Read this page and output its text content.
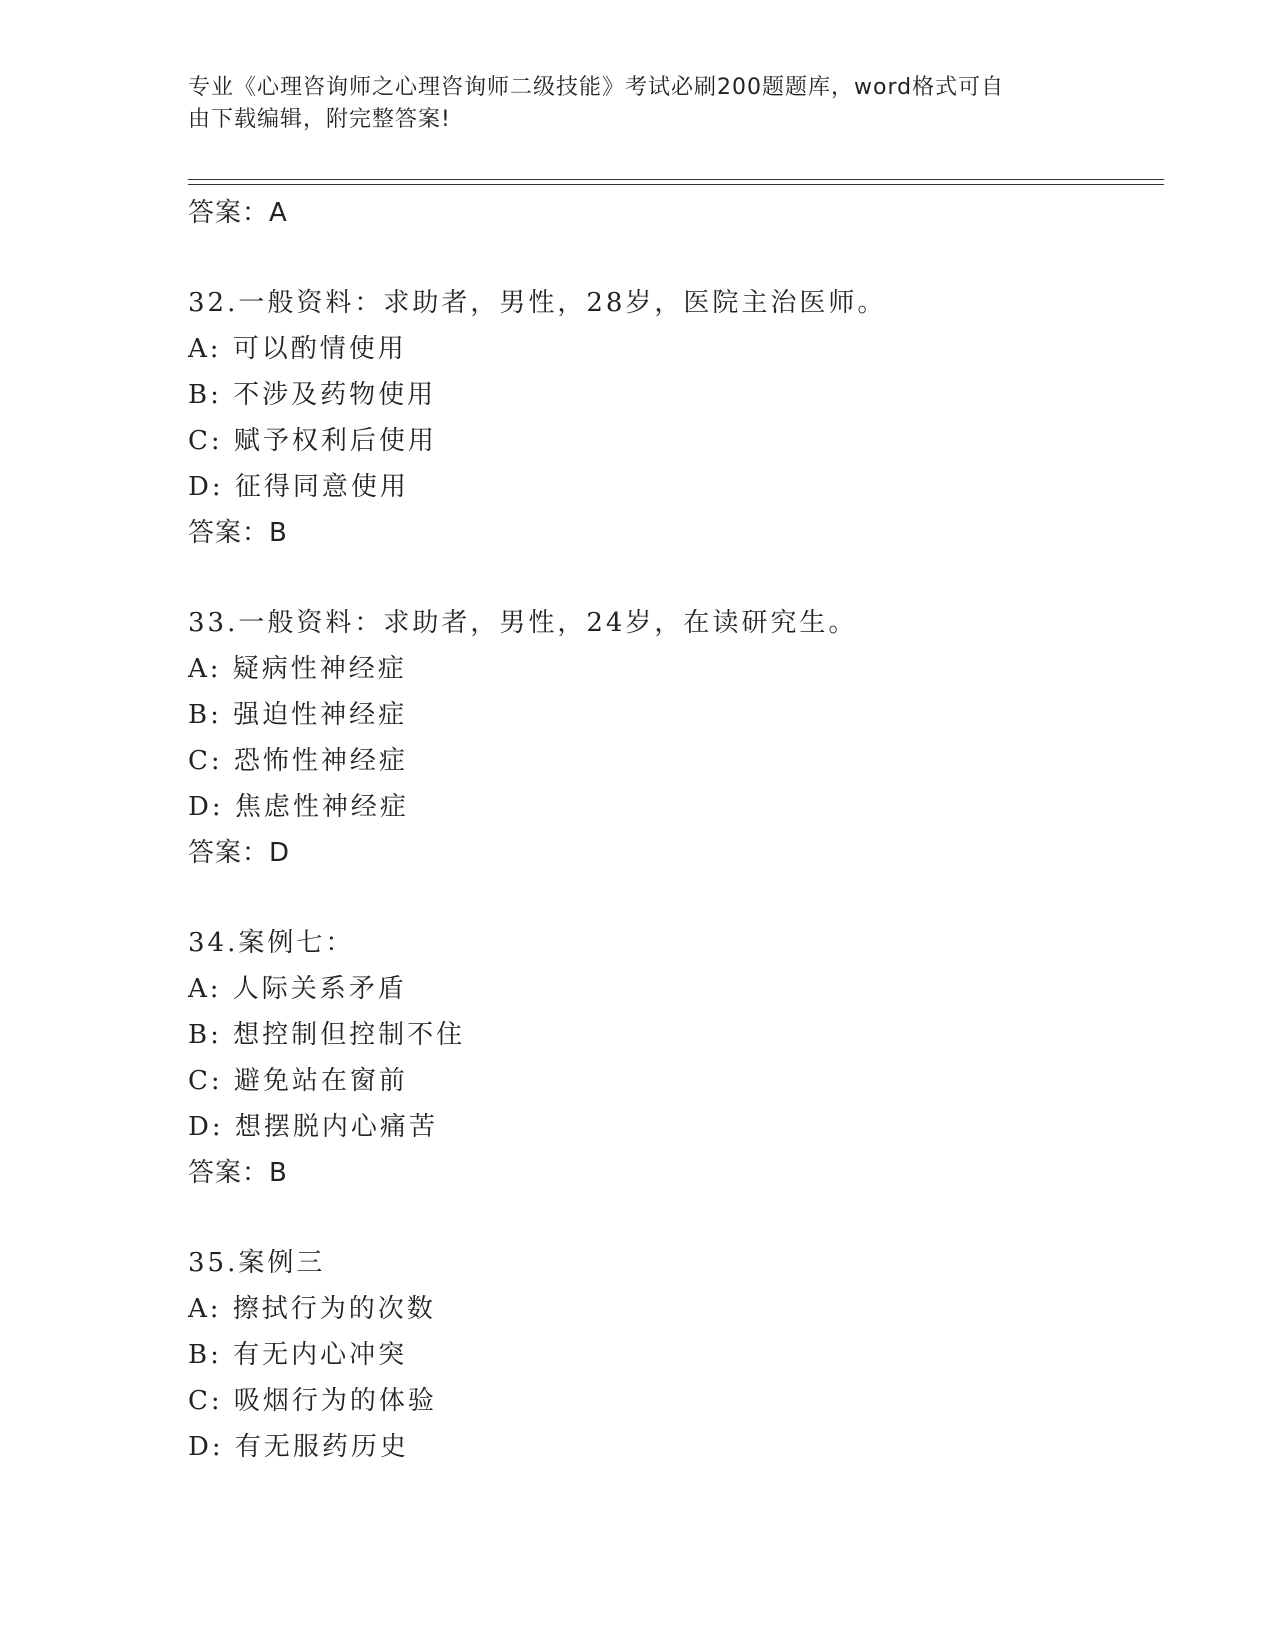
专业《心理咨询师之心理咨询师二级技能》考试必刷200题题库，word格式可自
由下载编辑，附完整答案!
答案：A
32.一般资料：求助者，男性，28岁，医院主治医师。
A: 可以酌情使用
B: 不涉及药物使用
C: 赋予权利后使用
D: 征得同意使用
答案：B
33.一般资料：求助者，男性，24岁，在读研究生。
A: 疑病性神经症
B: 强迫性神经症
C: 恐怖性神经症
D: 焦虑性神经症
答案：D
34.案例七：
A: 人际关系矛盾
B: 想控制但控制不住
C: 避免站在窗前
D: 想摆脱内心痛苦
答案：B
35.案例三
A: 擦拭行为的次数
B: 有无内心冲突
C: 吸烟行为的体验
D: 有无服药历史
